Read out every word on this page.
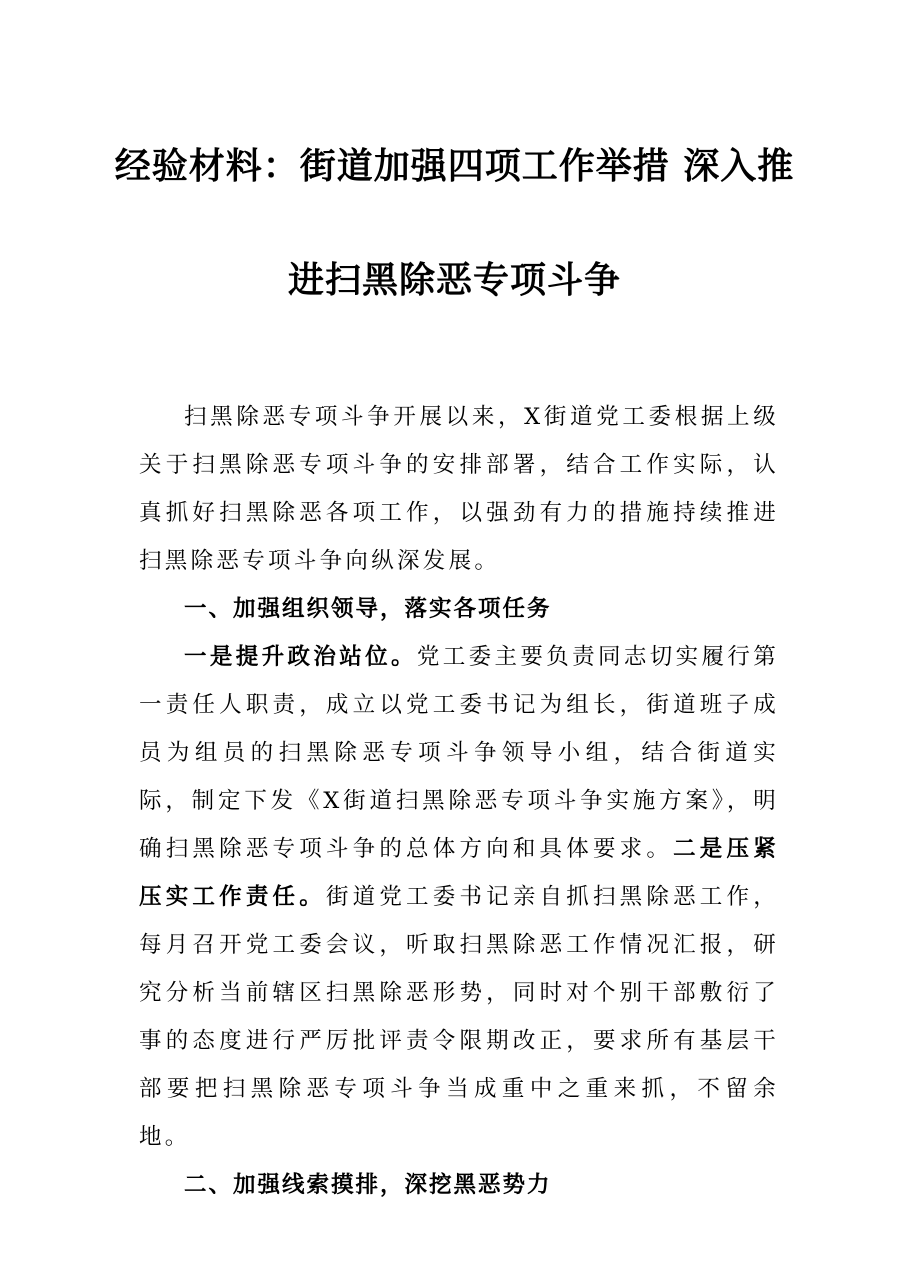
经验材料：街道加强四项工作举措 深入推
进扫黑除恶专项斗争

扫黑除恶专项斗争开展以来，X街道党工委根据上级关于扫黑除恶专项斗争的安排部署，结合工作实际，认真抓好扫黑除恶各项工作，以强劲有力的措施持续推进扫黑除恶专项斗争向纵深发展。

一、加强组织领导，落实各项任务

一是提升政治站位。党工委主要负责同志切实履行第一责任人职责，成立以党工委书记为组长，街道班子成员为组员的扫黑除恶专项斗争领导小组，结合街道实际，制定下发《X街道扫黑除恶专项斗争实施方案》，明确扫黑除恶专项斗争的总体方向和具体要求。二是压紧压实工作责任。街道党工委书记亲自抓扫黑除恶工作，每月召开党工委会议，听取扫黑除恶工作情况汇报，研究分析当前辖区扫黑除恶形势，同时对个别干部敷衍了事的态度进行严厉批评责令限期改正，要求所有基层干部要把扫黑除恶专项斗争当成重中之重来抓，不留余地。

二、加强线索摸排，深挖黑恶势力
